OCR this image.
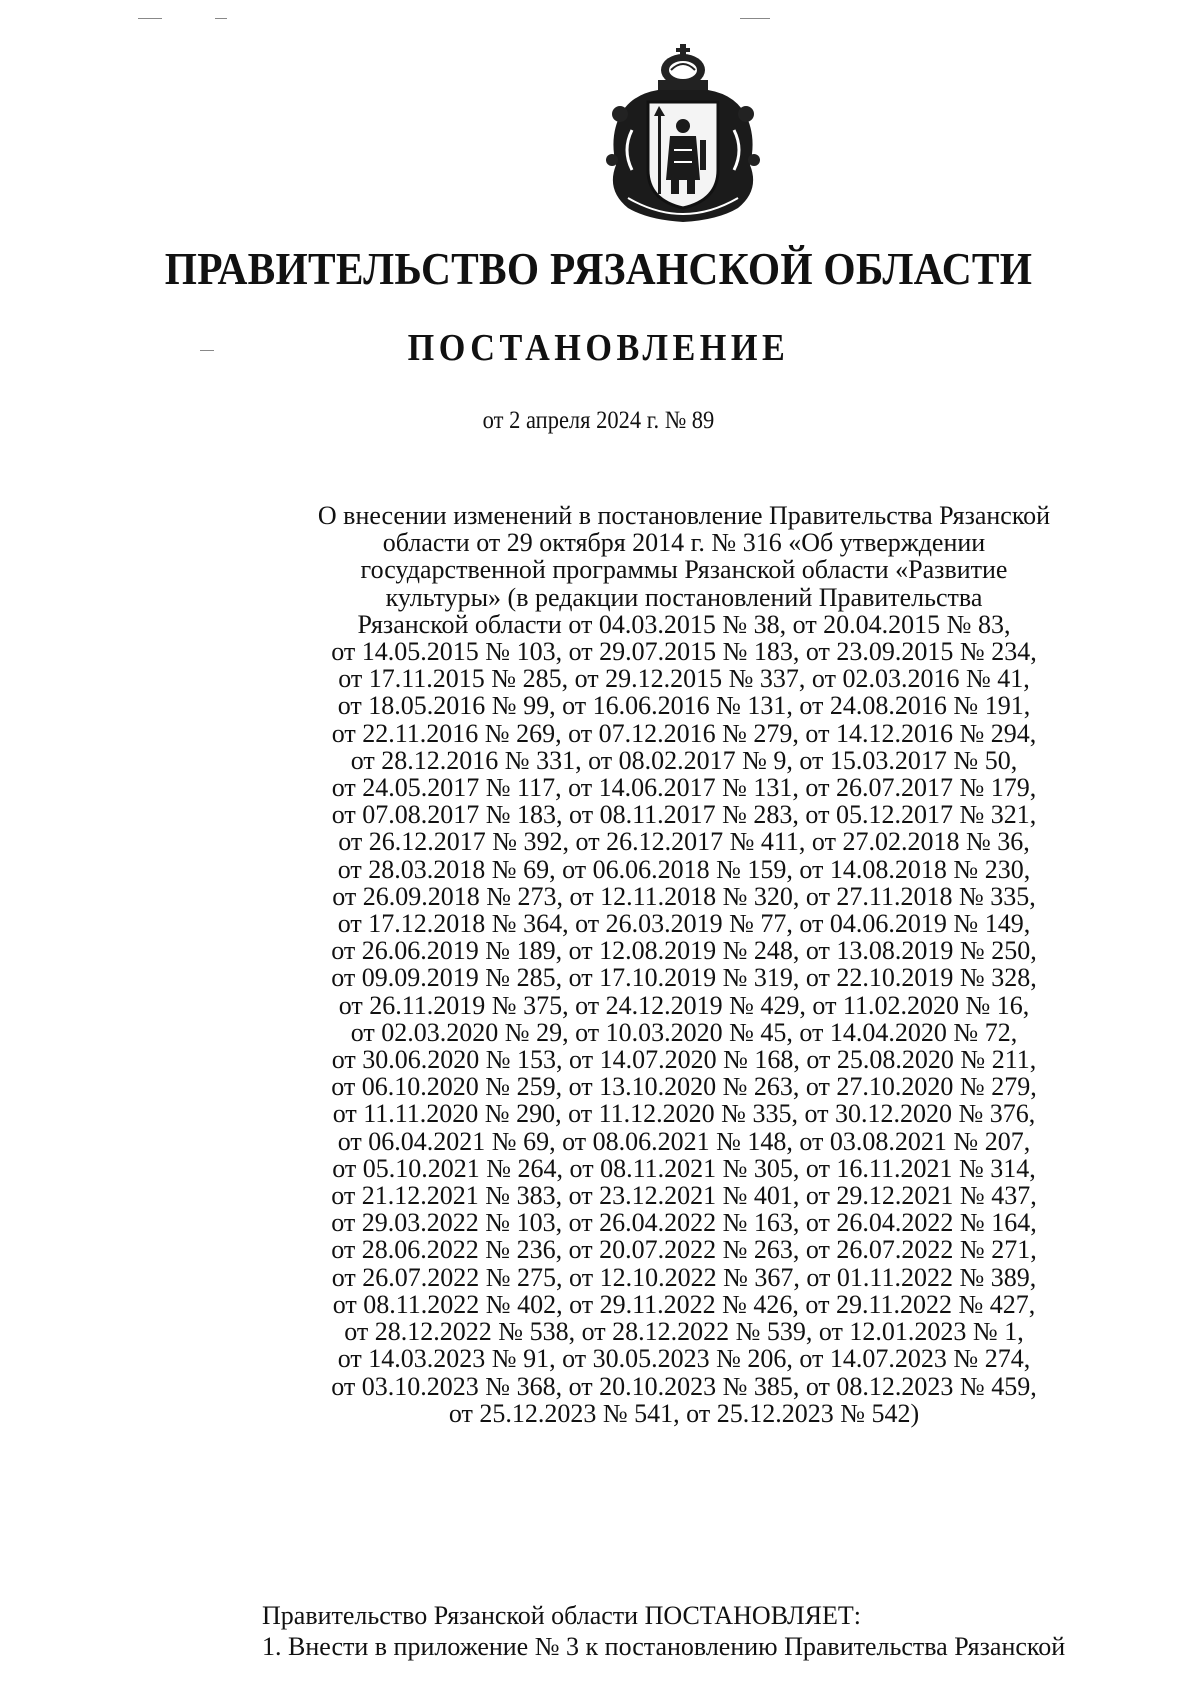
ПРАВИТЕЛЬСТВО РЯЗАНСКОЙ ОБЛАСТИ
ПОСТАНОВЛЕНИЕ
от 2 апреля 2024 г. № 89
О внесении изменений в постановление Правительства Рязанской
области от 29 октября 2014 г. № 316 «Об утверждении
государственной программы Рязанской области «Развитие
культуры» (в редакции постановлений Правительства
Рязанской области от 04.03.2015 № 38, от 20.04.2015 № 83,
от 14.05.2015 № 103, от 29.07.2015 № 183, от 23.09.2015 № 234,
от 17.11.2015 № 285, от 29.12.2015 № 337, от 02.03.2016 № 41,
от 18.05.2016 № 99, от 16.06.2016 № 131, от 24.08.2016 № 191,
от 22.11.2016 № 269, от 07.12.2016 № 279, от 14.12.2016 № 294,
от 28.12.2016 № 331, от 08.02.2017 № 9, от 15.03.2017 № 50,
от 24.05.2017 № 117, от 14.06.2017 № 131, от 26.07.2017 № 179,
от 07.08.2017 № 183, от 08.11.2017 № 283, от 05.12.2017 № 321,
от 26.12.2017 № 392, от 26.12.2017 № 411, от 27.02.2018 № 36,
от 28.03.2018 № 69, от 06.06.2018 № 159, от 14.08.2018 № 230,
от 26.09.2018 № 273, от 12.11.2018 № 320, от 27.11.2018 № 335,
от 17.12.2018 № 364, от 26.03.2019 № 77, от 04.06.2019 № 149,
от 26.06.2019 № 189, от 12.08.2019 № 248, от 13.08.2019 № 250,
от 09.09.2019 № 285, от 17.10.2019 № 319, от 22.10.2019 № 328,
от 26.11.2019 № 375, от 24.12.2019 № 429, от 11.02.2020 № 16,
от 02.03.2020 № 29, от 10.03.2020 № 45, от 14.04.2020 № 72,
от 30.06.2020 № 153, от 14.07.2020 № 168, от 25.08.2020 № 211,
от 06.10.2020 № 259, от 13.10.2020 № 263, от 27.10.2020 № 279,
от 11.11.2020 № 290, от 11.12.2020 № 335, от 30.12.2020 № 376,
от 06.04.2021 № 69, от 08.06.2021 № 148, от 03.08.2021 № 207,
от 05.10.2021 № 264, от 08.11.2021 № 305, от 16.11.2021 № 314,
от 21.12.2021 № 383, от 23.12.2021 № 401, от 29.12.2021 № 437,
от 29.03.2022 № 103, от 26.04.2022 № 163, от 26.04.2022 № 164,
от 28.06.2022 № 236, от 20.07.2022 № 263, от 26.07.2022 № 271,
от 26.07.2022 № 275, от 12.10.2022 № 367, от 01.11.2022 № 389,
от 08.11.2022 № 402, от 29.11.2022 № 426, от 29.11.2022 № 427,
от 28.12.2022 № 538, от 28.12.2022 № 539, от 12.01.2023 № 1,
от 14.03.2023 № 91, от 30.05.2023 № 206, от 14.07.2023 № 274,
от 03.10.2023 № 368, от 20.10.2023 № 385, от 08.12.2023 № 459,
от 25.12.2023 № 541, от 25.12.2023 № 542)

Правительство Рязанской области ПОСТАНОВЛЯЕТ:

1. Внести в приложение № 3 к постановлению Правительства Рязанской
